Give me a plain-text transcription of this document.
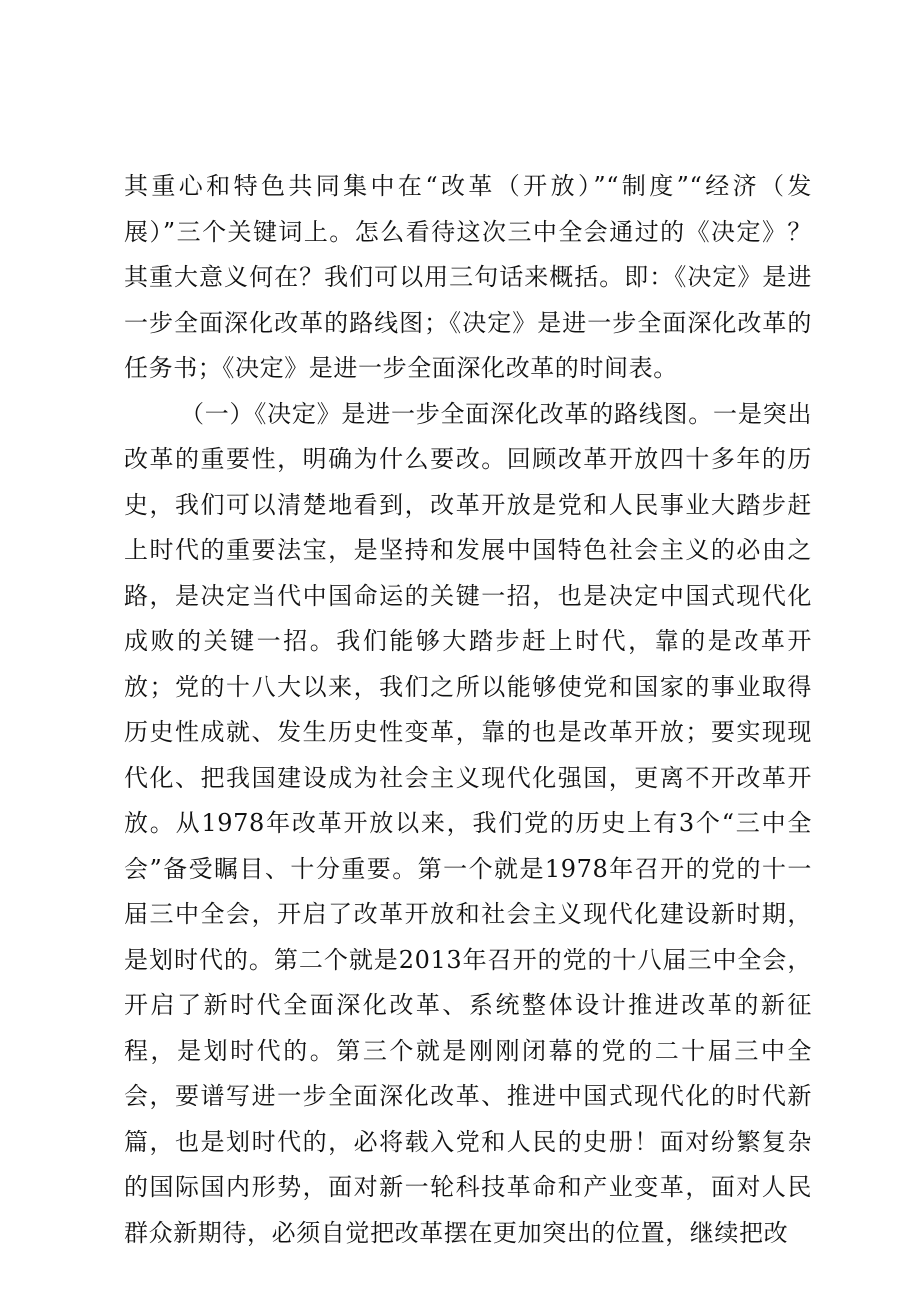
其重心和特色共同集中在“改革（开放）”“制度”“经济（发展）”三个关键词上。怎么看待这次三中全会通过的《决定》？其重大意义何在？我们可以用三句话来概括。即：《决定》是进一步全面深化改革的路线图；《决定》是进一步全面深化改革的任务书；《决定》是进一步全面深化改革的时间表。

（一）《决定》是进一步全面深化改革的路线图。一是突出改革的重要性，明确为什么要改。回顾改革开放四十多年的历史，我们可以清楚地看到，改革开放是党和人民事业大踏步赶上时代的重要法宝，是坚持和发展中国特色社会主义的必由之路，是决定当代中国命运的关键一招，也是决定中国式现代化成败的关键一招。我们能够大踏步赶上时代，靠的是改革开放；党的十八大以来，我们之所以能够使党和国家的事业取得历史性成就、发生历史性变革，靠的也是改革开放；要实现现代化、把我国建设成为社会主义现代化强国，更离不开改革开放。从1978年改革开放以来，我们党的历史上有3个“三中全会”备受瞩目、十分重要。第一个就是1978年召开的党的十一届三中全会，开启了改革开放和社会主义现代化建设新时期，是划时代的。第二个就是2013年召开的党的十八届三中全会，开启了新时代全面深化改革、系统整体设计推进改革的新征程，是划时代的。第三个就是刚刚闭幕的党的二十届三中全会，要谱写进一步全面深化改革、推进中国式现代化的时代新篇，也是划时代的，必将载入党和人民的史册！面对纷繁复杂的国际国内形势，面对新一轮科技革命和产业变革，面对人民群众新期待，必须自觉把改革摆在更加突出的位置，继续把改
